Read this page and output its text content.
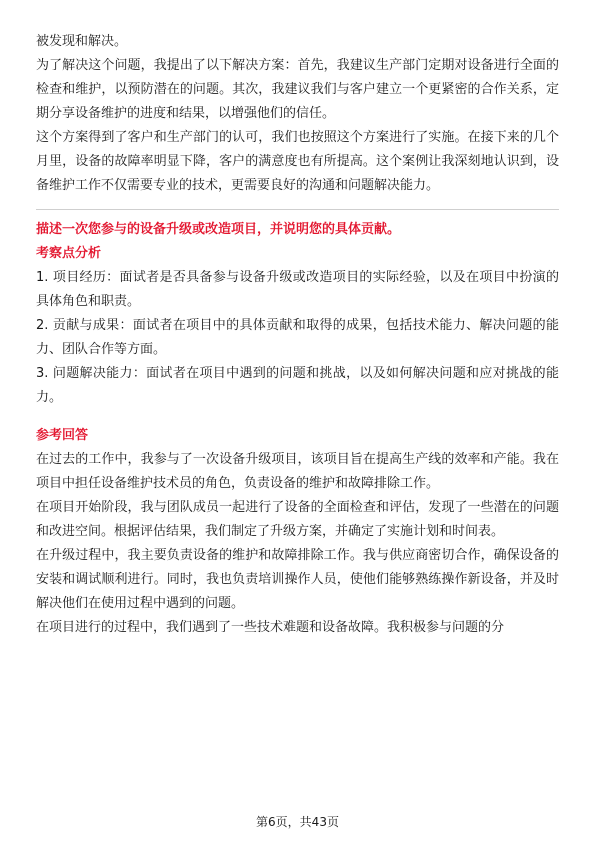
被发现和解决。

为了解决这个问题，我提出了以下解决方案：首先，我建议生产部门定期对设备进行全面的检查和维护，以预防潜在的问题。其次，我建议我们与客户建立一个更紧密的合作关系，定期分享设备维护的进度和结果，以增强他们的信任。

这个方案得到了客户和生产部门的认可，我们也按照这个方案进行了实施。在接下来的几个月里，设备的故障率明显下降，客户的满意度也有所提高。这个案例让我深刻地认识到，设备维护工作不仅需要专业的技术，更需要良好的沟通和问题解决能力。

描述一次您参与的设备升级或改造项目，并说明您的具体贡献。
考察点分析

1. 项目经历：面试者是否具备参与设备升级或改造项目的实际经验，以及在项目中扮演的具体角色和职责。

2. 贡献与成果：面试者在项目中的具体贡献和取得的成果，包括技术能力、解决问题的能力、团队合作等方面。

3. 问题解决能力：面试者在项目中遇到的问题和挑战，以及如何解决问题和应对挑战的能力。

参考回答

在过去的工作中，我参与了一次设备升级项目，该项目旨在提高生产线的效率和产能。我在项目中担任设备维护技术员的角色，负责设备的维护和故障排除工作。

在项目开始阶段，我与团队成员一起进行了设备的全面检查和评估，发现了一些潜在的问题和改进空间。根据评估结果，我们制定了升级方案，并确定了实施计划和时间表。

在升级过程中，我主要负责设备的维护和故障排除工作。我与供应商密切合作，确保设备的安装和调试顺利进行。同时，我也负责培训操作人员，使他们能够熟练操作新设备，并及时解决他们在使用过程中遇到的问题。

在项目进行的过程中，我们遇到了一些技术难题和设备故障。我积极参与问题的分

第6页，共43页
